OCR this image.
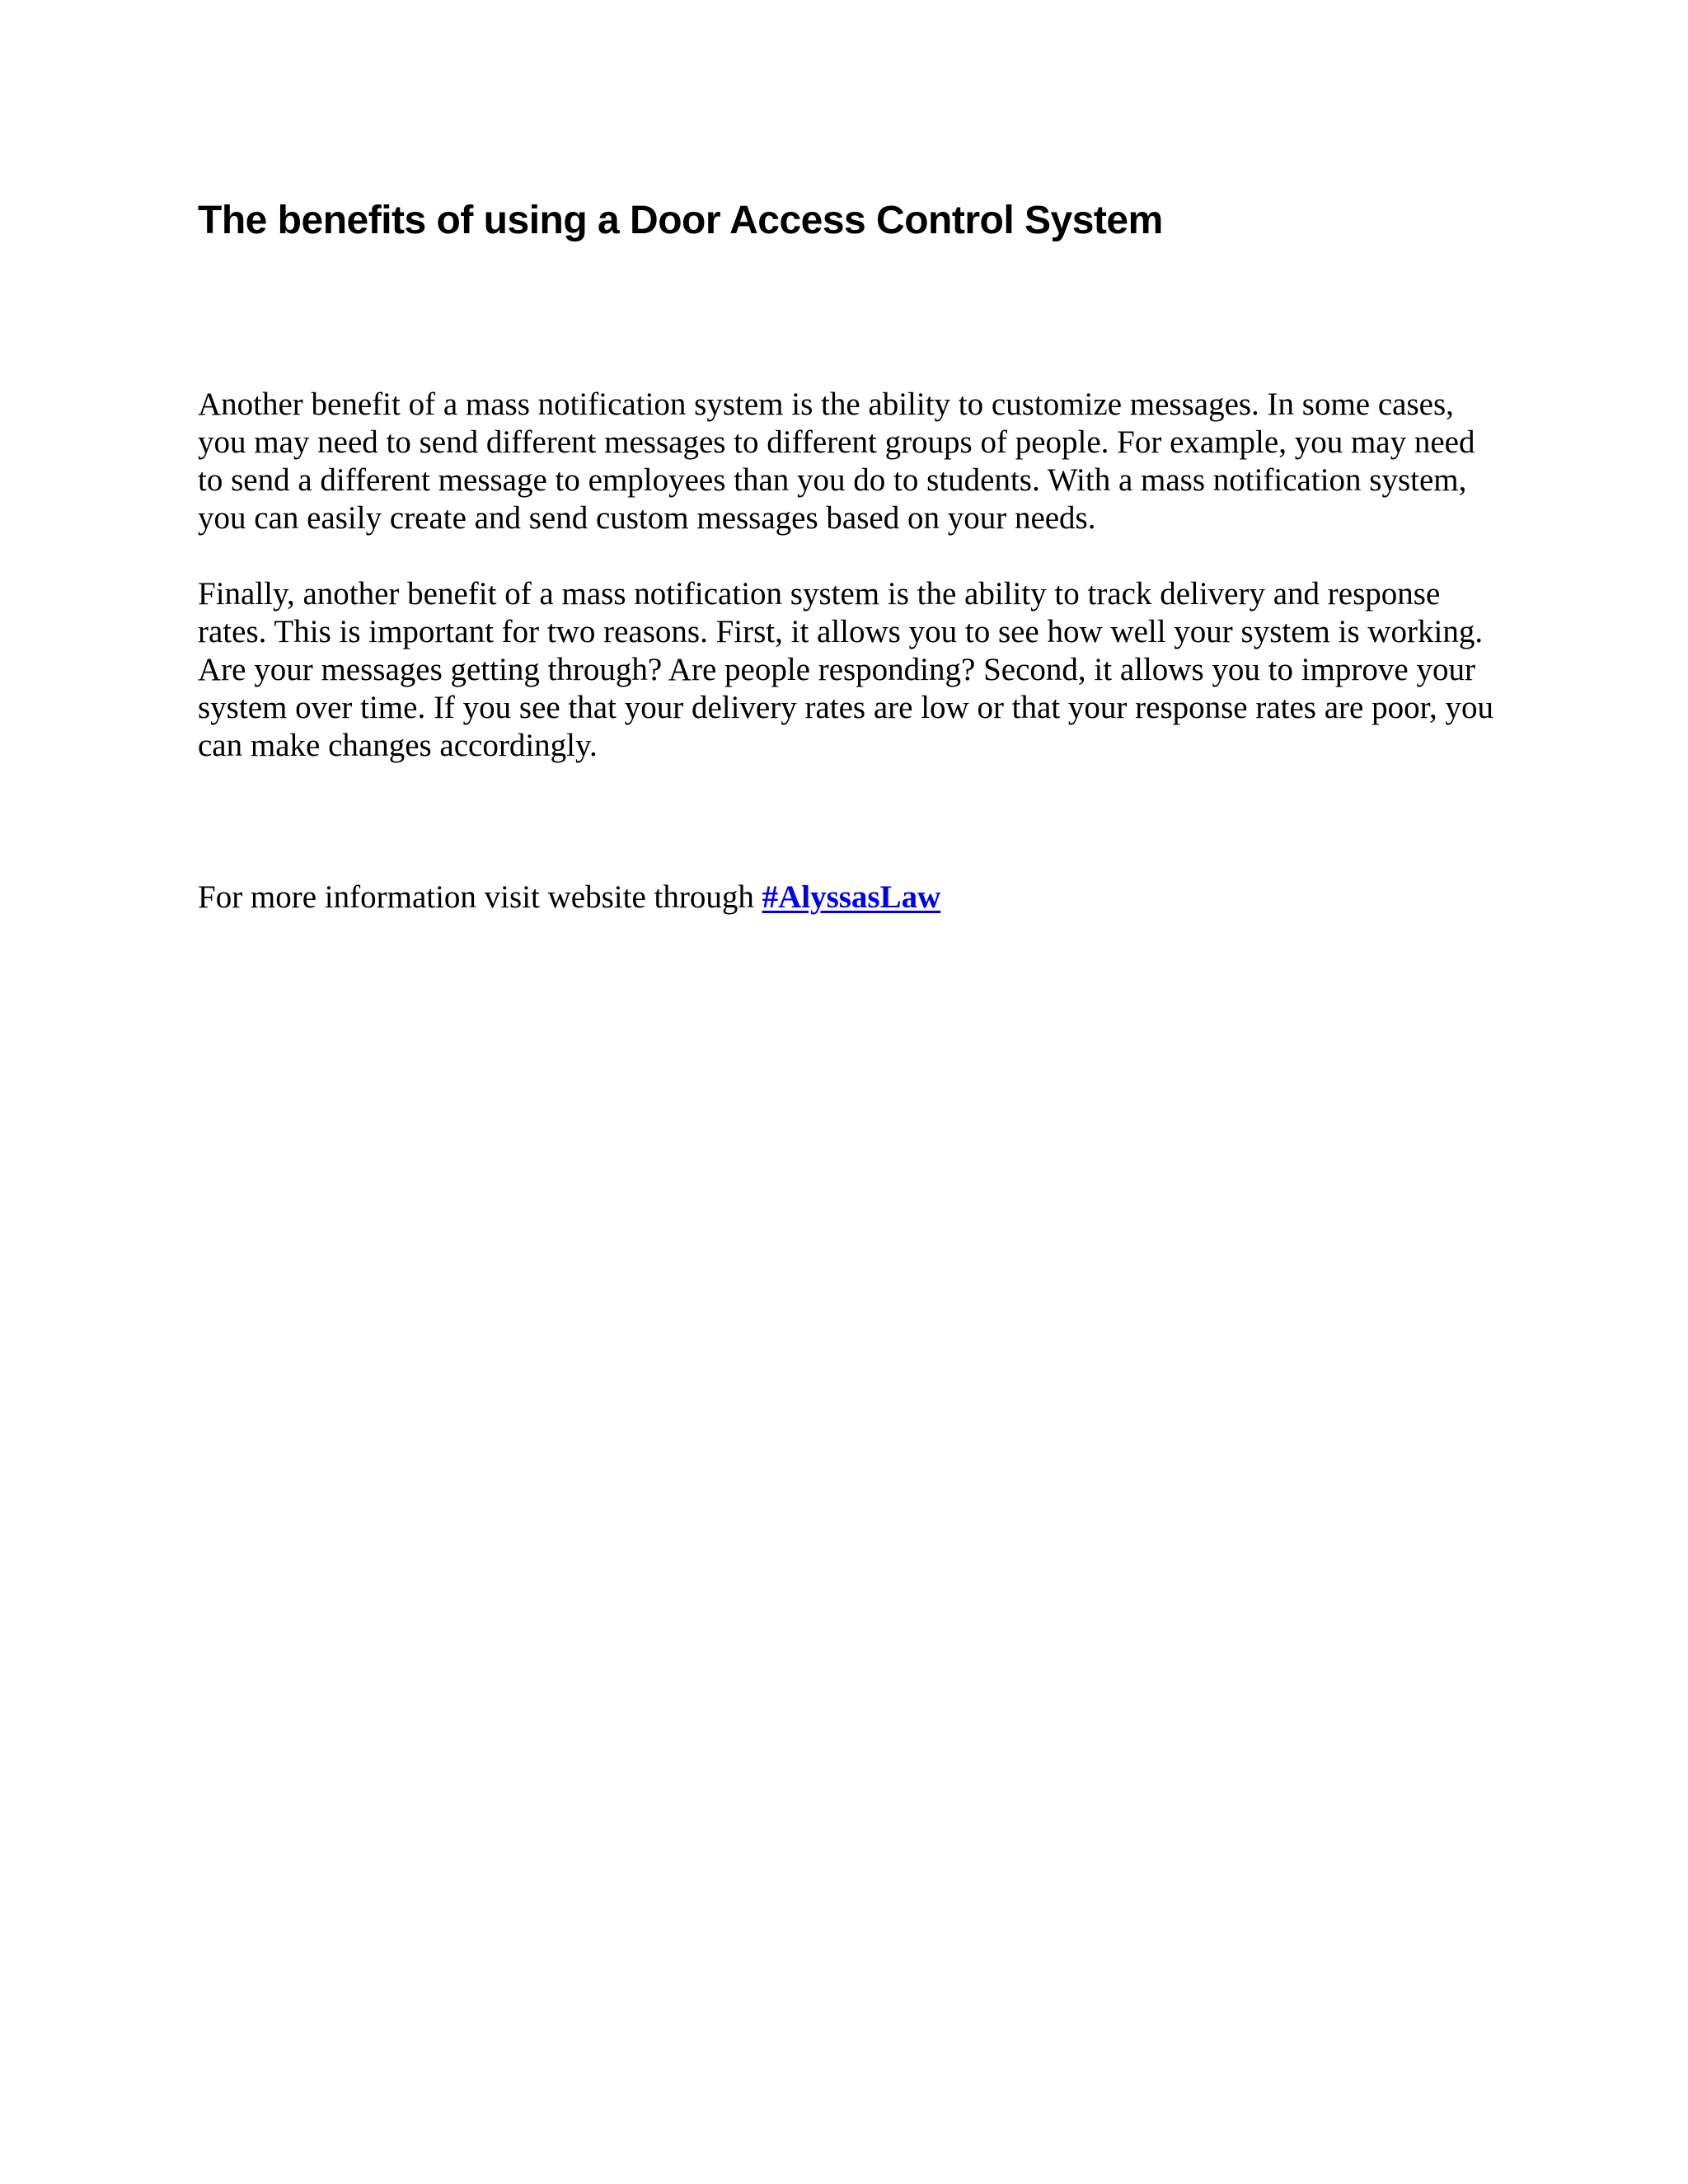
The benefits of using a Door Access Control System

Another benefit of a mass notification system is the ability to customize messages. In some cases, you may need to send different messages to different groups of people. For example, you may need to send a different message to employees than you do to students. With a mass notification system, you can easily create and send custom messages based on your needs.

Finally, another benefit of a mass notification system is the ability to track delivery and response rates. This is important for two reasons. First, it allows you to see how well your system is working. Are your messages getting through? Are people responding? Second, it allows you to improve your system over time. If you see that your delivery rates are low or that your response rates are poor, you can make changes accordingly.

For more information visit website through #AlyssasLaw
